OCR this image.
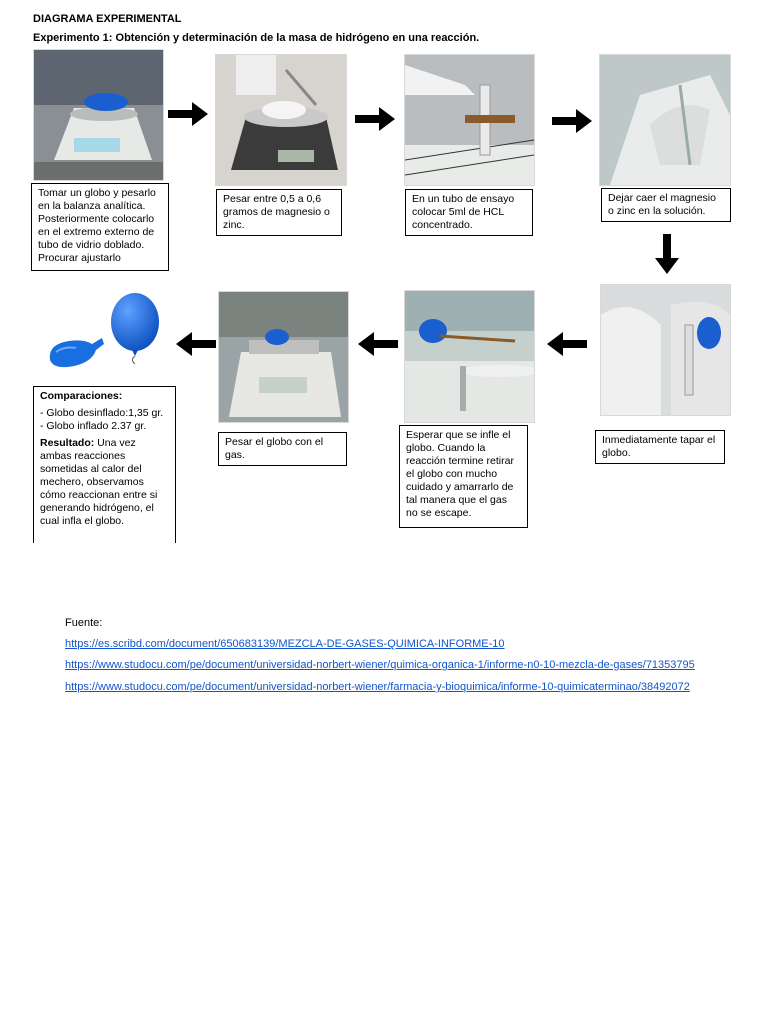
DIAGRAMA EXPERIMENTAL
Experimento 1: Obtención y determinación de la masa de hidrógeno en una reacción.
Tomar un globo y pesarlo en la balanza analítica. Posteriormente colocarlo en el extremo externo de tubo de vidrio doblado. Procurar ajustarlo
Pesar entre 0,5 a 0,6 gramos de magnesio o zinc.
En un tubo de ensayo colocar 5ml de HCL concentrado.
Dejar caer el magnesio o zinc en la solución.
Inmediatamente tapar el globo.
Esperar que se infle el globo. Cuando la reacción termine retirar el globo con mucho cuidado y amarrarlo de tal manera que el gas no se escape.
Pesar el globo con el gas.
Comparaciones:
- Globo desinflado:1,35 gr.
- Globo inflado 2.37 gr.
Resultado: Una vez ambas reacciones sometidas al calor del mechero, observamos cómo reaccionan entre si generando hidrógeno, el cual infla el globo.
Fuente:
https://es.scribd.com/document/650683139/MEZCLA-DE-GASES-QUIMICA-INFORME-10
https://www.studocu.com/pe/document/universidad-norbert-wiener/quimica-organica-1/informe-n0-10-mezcla-de-gases/71353795
https://www.studocu.com/pe/document/universidad-norbert-wiener/farmacia-y-bioquimica/informe-10-quimicaterminao/38492072
